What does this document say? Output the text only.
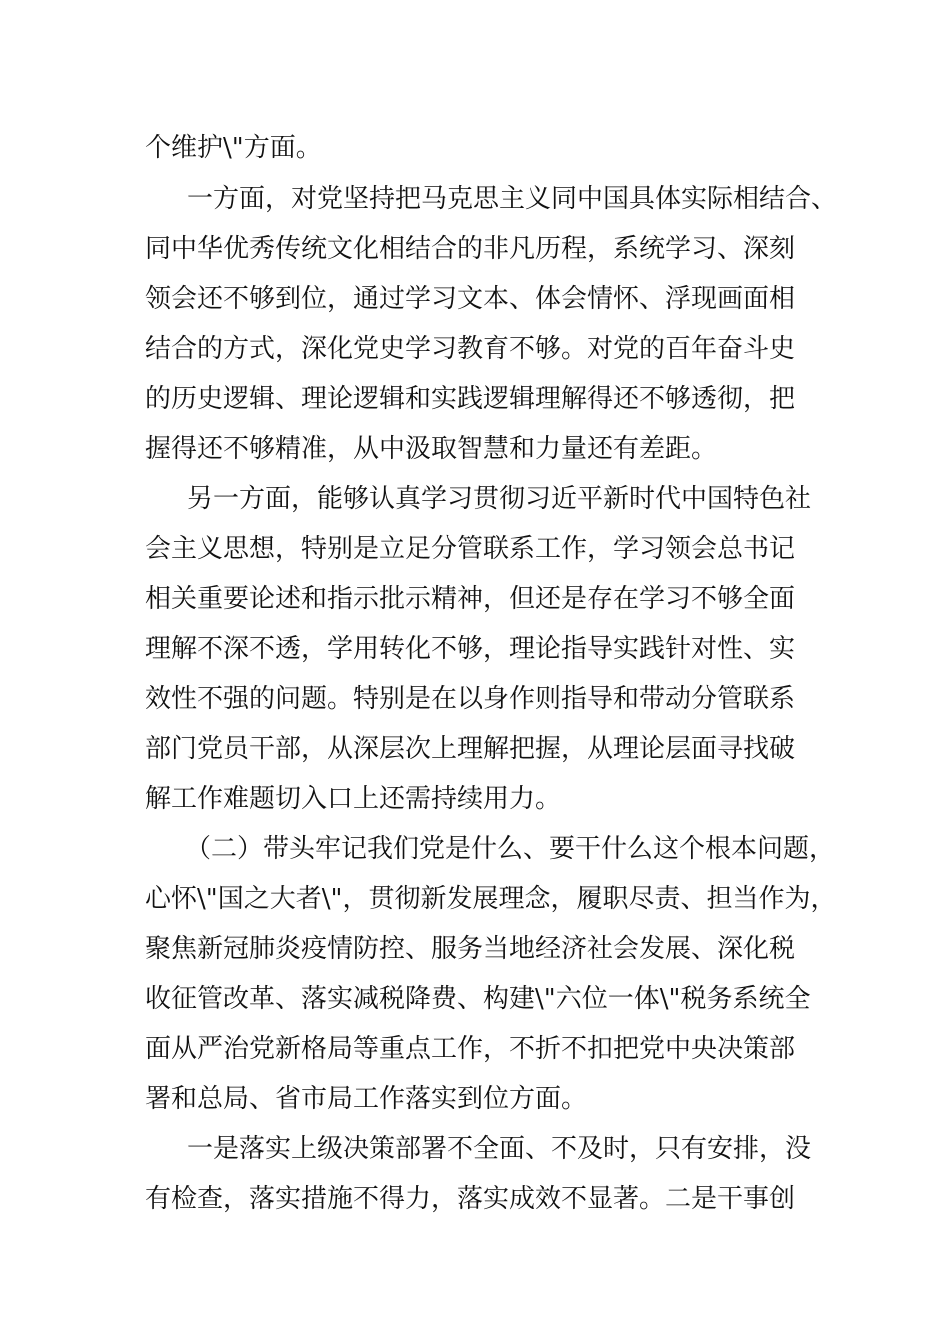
个维护\"方面。
一方面，对党坚持把马克思主义同中国具体实际相结合、
同中华优秀传统文化相结合的非凡历程，系统学习、深刻
领会还不够到位，通过学习文本、体会情怀、浮现画面相
结合的方式，深化党史学习教育不够。对党的百年奋斗史
的历史逻辑、理论逻辑和实践逻辑理解得还不够透彻，把
握得还不够精准，从中汲取智慧和力量还有差距。
另一方面，能够认真学习贯彻习近平新时代中国特色社
会主义思想，特别是立足分管联系工作，学习领会总书记
相关重要论述和指示批示精神，但还是存在学习不够全面
理解不深不透，学用转化不够，理论指导实践针对性、实
效性不强的问题。特别是在以身作则指导和带动分管联系
部门党员干部，从深层次上理解把握，从理论层面寻找破
解工作难题切入口上还需持续用力。
（二）带头牢记我们党是什么、要干什么这个根本问题，
心怀\"国之大者\"，贯彻新发展理念，履职尽责、担当作为，
聚焦新冠肺炎疫情防控、服务当地经济社会发展、深化税
收征管改革、落实减税降费、构建\"六位一体\"税务系统全
面从严治党新格局等重点工作，不折不扣把党中央决策部
署和总局、省市局工作落实到位方面。
一是落实上级决策部署不全面、不及时，只有安排，没
有检查，落实措施不得力，落实成效不显著。二是干事创
